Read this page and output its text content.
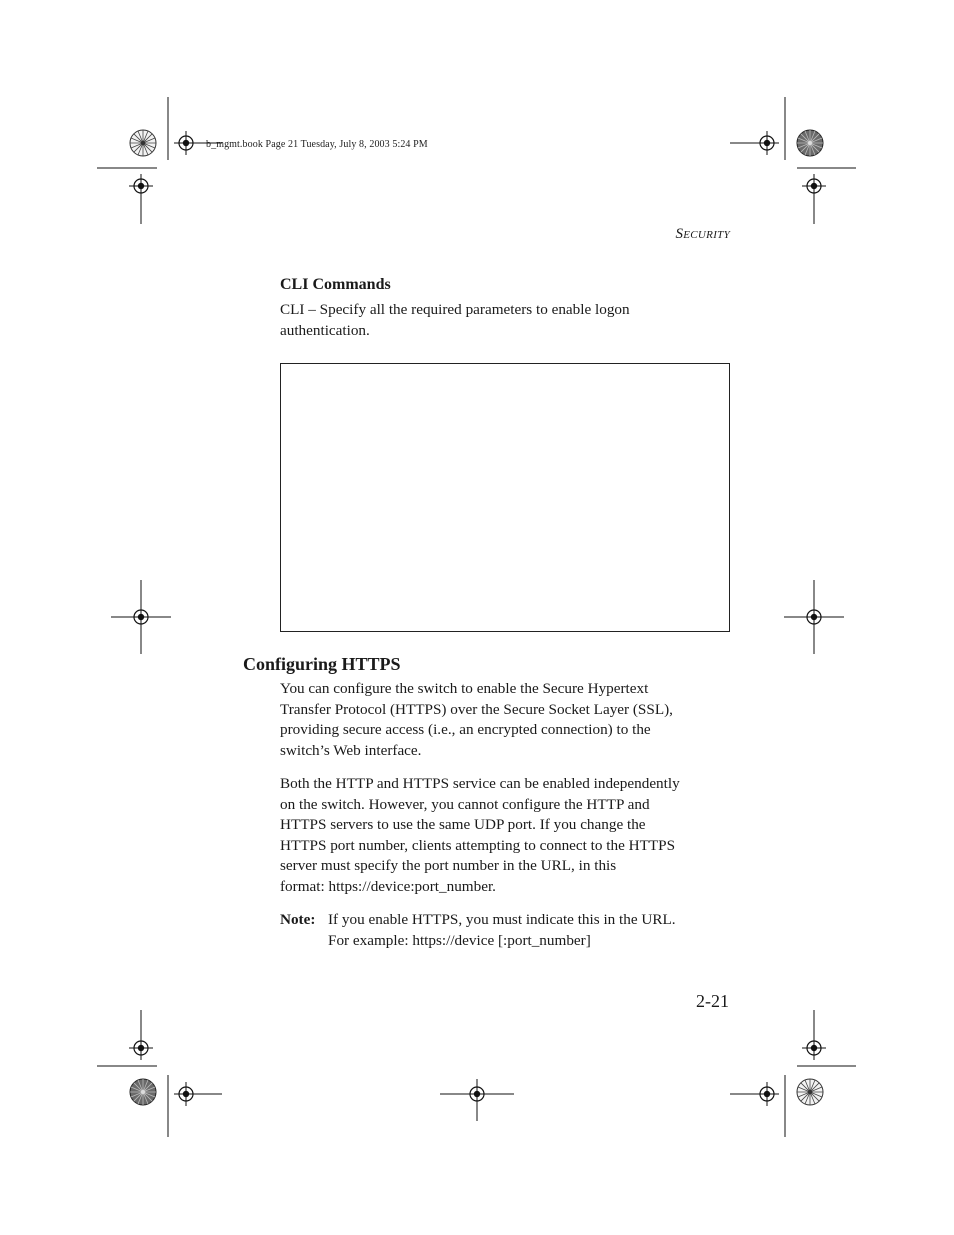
b_mgmt.book Page 21 Tuesday, July 8, 2003 5:24 PM
SECURITY
CLI Commands

CLI – Specify all the required parameters to enable logon
authentication.

Configuring HTTPS

You can configure the switch to enable the Secure Hypertext
Transfer Protocol (HTTPS) over the Secure Socket Layer (SSL),
providing secure access (i.e., an encrypted connection) to the
switch’s Web interface.

Both the HTTP and HTTPS service can be enabled independently
on the switch. However, you cannot configure the HTTP and
HTTPS servers to use the same UDP port. If you change the
HTTPS port number, clients attempting to connect to the HTTPS
server must specify the port number in the URL, in this
format: https://device:port_number.

Note: If you enable HTTPS, you must indicate this in the URL.
For example: https://device [:port_number]
2-21
